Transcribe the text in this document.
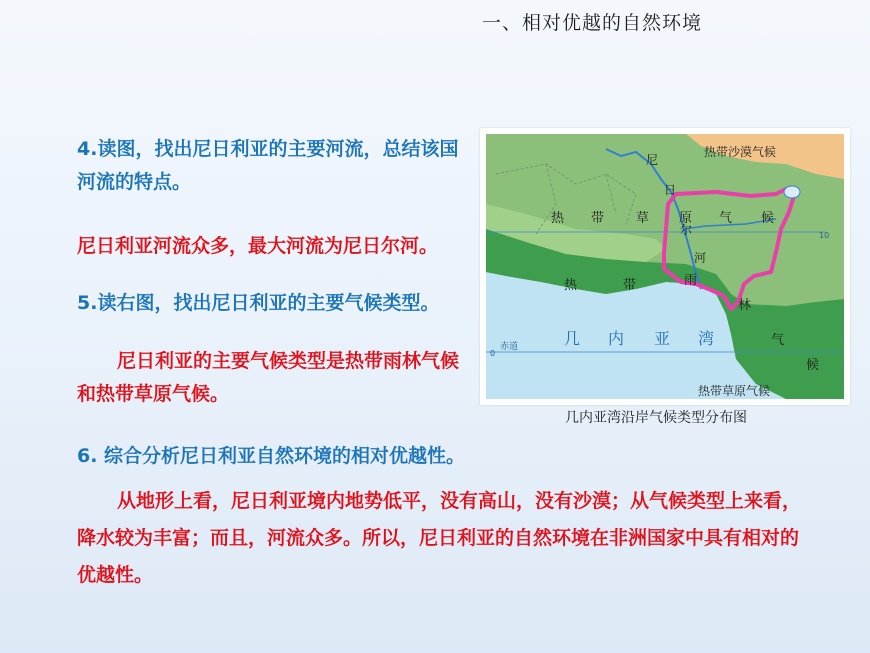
一、相对优越的自然环境
4.读图，找出尼日利亚的主要河流，总结该国河流的特点。
尼日利亚河流众多，最大河流为尼日尔河。
5.读右图，找出尼日利亚的主要气候类型。
尼日利亚的主要气候类型是热带雨林气候和热带草原气候。
6. 综合分析尼日利亚自然环境的相对优越性。
从地形上看，尼日利亚境内地势低平，没有高山，没有沙漠；从气候类型上来看，降水较为丰富；而且，河流众多。所以，尼日利亚的自然环境在非洲国家中具有相对的优越性。
10
0
赤道
热带沙漠气候
热 带 草 原 气 候
热	带	雨
林
气
候
尼
日
尔
河
几 内 亚 湾
热带草原气候
几内亚湾沿岸气候类型分布图
